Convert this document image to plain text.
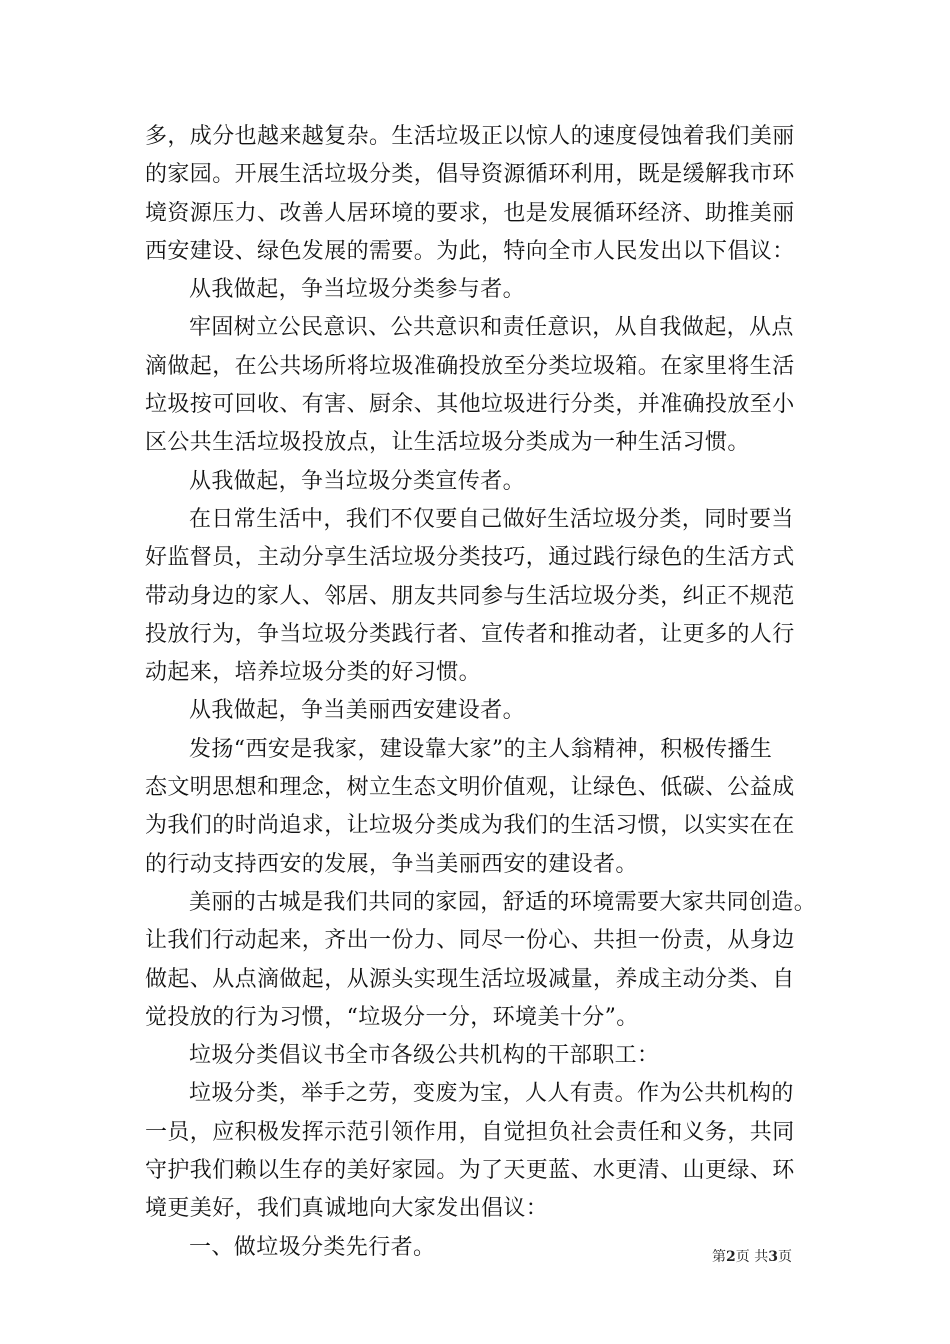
多，成分也越来越复杂。生活垃圾正以惊人的速度侵蚀着我们美丽
的家园。开展生活垃圾分类，倡导资源循环利用，既是缓解我市环
境资源压力、改善人居环境的要求，也是发展循环经济、助推美丽
西安建设、绿色发展的需要。为此，特向全市人民发出以下倡议：
从我做起，争当垃圾分类参与者。
牢固树立公民意识、公共意识和责任意识，从自我做起，从点
滴做起，在公共场所将垃圾准确投放至分类垃圾箱。在家里将生活
垃圾按可回收、有害、厨余、其他垃圾进行分类，并准确投放至小
区公共生活垃圾投放点，让生活垃圾分类成为一种生活习惯。
从我做起，争当垃圾分类宣传者。
在日常生活中，我们不仅要自己做好生活垃圾分类，同时要当
好监督员，主动分享生活垃圾分类技巧，通过践行绿色的生活方式
带动身边的家人、邻居、朋友共同参与生活垃圾分类，纠正不规范
投放行为，争当垃圾分类践行者、宣传者和推动者，让更多的人行
动起来，培养垃圾分类的好习惯。
从我做起，争当美丽西安建设者。
发扬“西安是我家，建设靠大家”的主人翁精神，积极传播生
态文明思想和理念，树立生态文明价值观，让绿色、低碳、公益成
为我们的时尚追求，让垃圾分类成为我们的生活习惯，以实实在在
的行动支持西安的发展，争当美丽西安的建设者。
美丽的古城是我们共同的家园，舒适的环境需要大家共同创造。
让我们行动起来，齐出一份力、同尽一份心、共担一份责，从身边
做起、从点滴做起，从源头实现生活垃圾减量，养成主动分类、自
觉投放的行为习惯，“垃圾分一分，环境美十分”。
垃圾分类倡议书全市各级公共机构的干部职工：
垃圾分类，举手之劳，变废为宝，人人有责。作为公共机构的
一员，应积极发挥示范引领作用，自觉担负社会责任和义务，共同
守护我们赖以生存的美好家园。为了天更蓝、水更清、山更绿、环
境更美好，我们真诚地向大家发出倡议：
一、做垃圾分类先行者。	第2页 共3页
